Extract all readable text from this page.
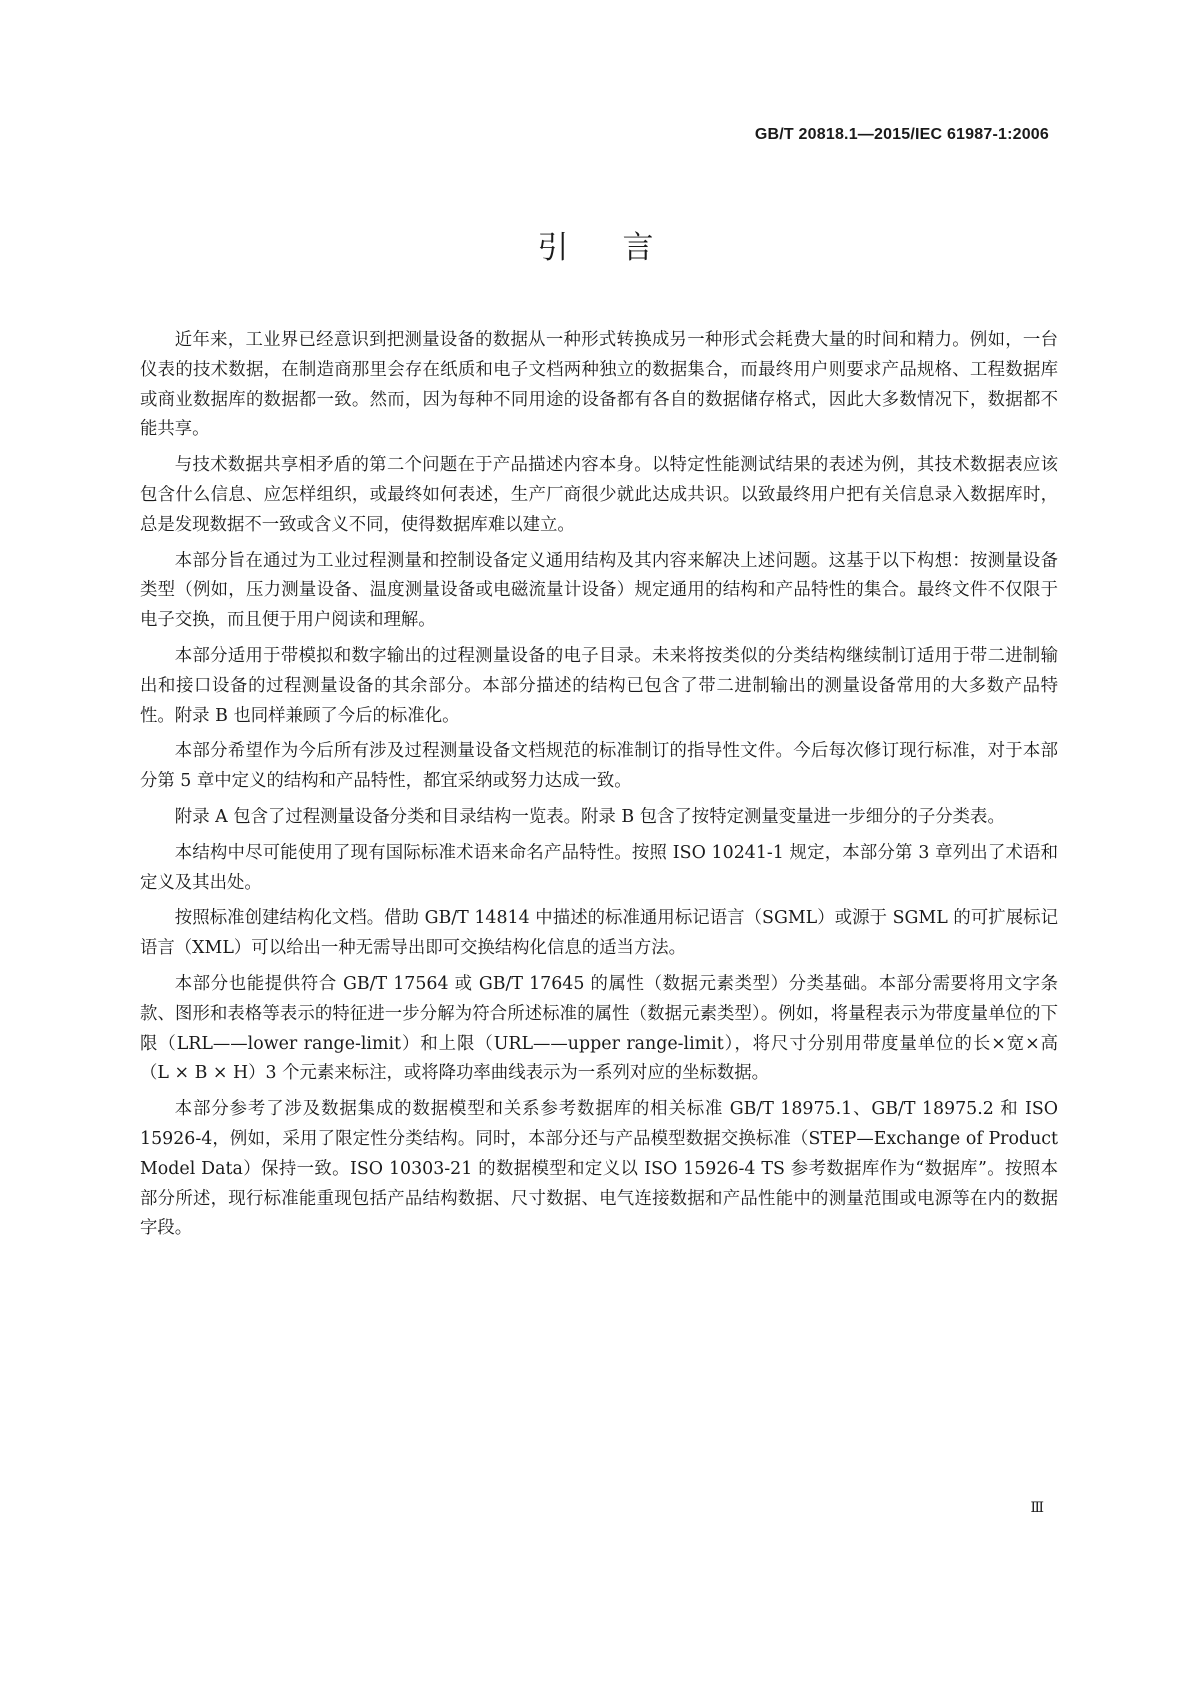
GB/T 20818.1—2015/IEC 61987-1:2006
引言

近年来，工业界已经意识到把测量设备的数据从一种形式转换成另一种形式会耗费大量的时间和精力。例如，一台仪表的技术数据，在制造商那里会存在纸质和电子文档两种独立的数据集合，而最终用户则要求产品规格、工程数据库或商业数据库的数据都一致。然而，因为每种不同用途的设备都有各自的数据储存格式，因此大多数情况下，数据都不能共享。

与技术数据共享相矛盾的第二个问题在于产品描述内容本身。以特定性能测试结果的表述为例，其技术数据表应该包含什么信息、应怎样组织，或最终如何表述，生产厂商很少就此达成共识。以致最终用户把有关信息录入数据库时，总是发现数据不一致或含义不同，使得数据库难以建立。

本部分旨在通过为工业过程测量和控制设备定义通用结构及其内容来解决上述问题。这基于以下构想：按测量设备类型（例如，压力测量设备、温度测量设备或电磁流量计设备）规定通用的结构和产品特性的集合。最终文件不仅限于电子交换，而且便于用户阅读和理解。

本部分适用于带模拟和数字输出的过程测量设备的电子目录。未来将按类似的分类结构继续制订适用于带二进制输出和接口设备的过程测量设备的其余部分。本部分描述的结构已包含了带二进制输出的测量设备常用的大多数产品特性。附录 B 也同样兼顾了今后的标准化。

本部分希望作为今后所有涉及过程测量设备文档规范的标准制订的指导性文件。今后每次修订现行标准，对于本部分第 5 章中定义的结构和产品特性，都宜采纳或努力达成一致。

附录 A 包含了过程测量设备分类和目录结构一览表。附录 B 包含了按特定测量变量进一步细分的子分类表。

本结构中尽可能使用了现有国际标准术语来命名产品特性。按照 ISO 10241-1 规定，本部分第 3 章列出了术语和定义及其出处。

按照标准创建结构化文档。借助 GB/T 14814 中描述的标准通用标记语言（SGML）或源于 SGML 的可扩展标记语言（XML）可以给出一种无需导出即可交换结构化信息的适当方法。

本部分也能提供符合 GB/T 17564 或 GB/T 17645 的属性（数据元素类型）分类基础。本部分需要将用文字条款、图形和表格等表示的特征进一步分解为符合所述标准的属性（数据元素类型）。例如，将量程表示为带度量单位的下限（LRL——lower range-limit）和上限（URL——upper range-limit），将尺寸分别用带度量单位的长×宽×高（L × B × H）3 个元素来标注，或将降功率曲线表示为一系列对应的坐标数据。

本部分参考了涉及数据集成的数据模型和关系参考数据库的相关标准 GB/T 18975.1、GB/T 18975.2 和 ISO 15926-4，例如，采用了限定性分类结构。同时，本部分还与产品模型数据交换标准（STEP—Exchange of Product Model Data）保持一致。ISO 10303-21 的数据模型和定义以 ISO 15926-4 TS 参考数据库作为“数据库”。按照本部分所述，现行标准能重现包括产品结构数据、尺寸数据、电气连接数据和产品性能中的测量范围或电源等在内的数据字段。

Ⅲ
